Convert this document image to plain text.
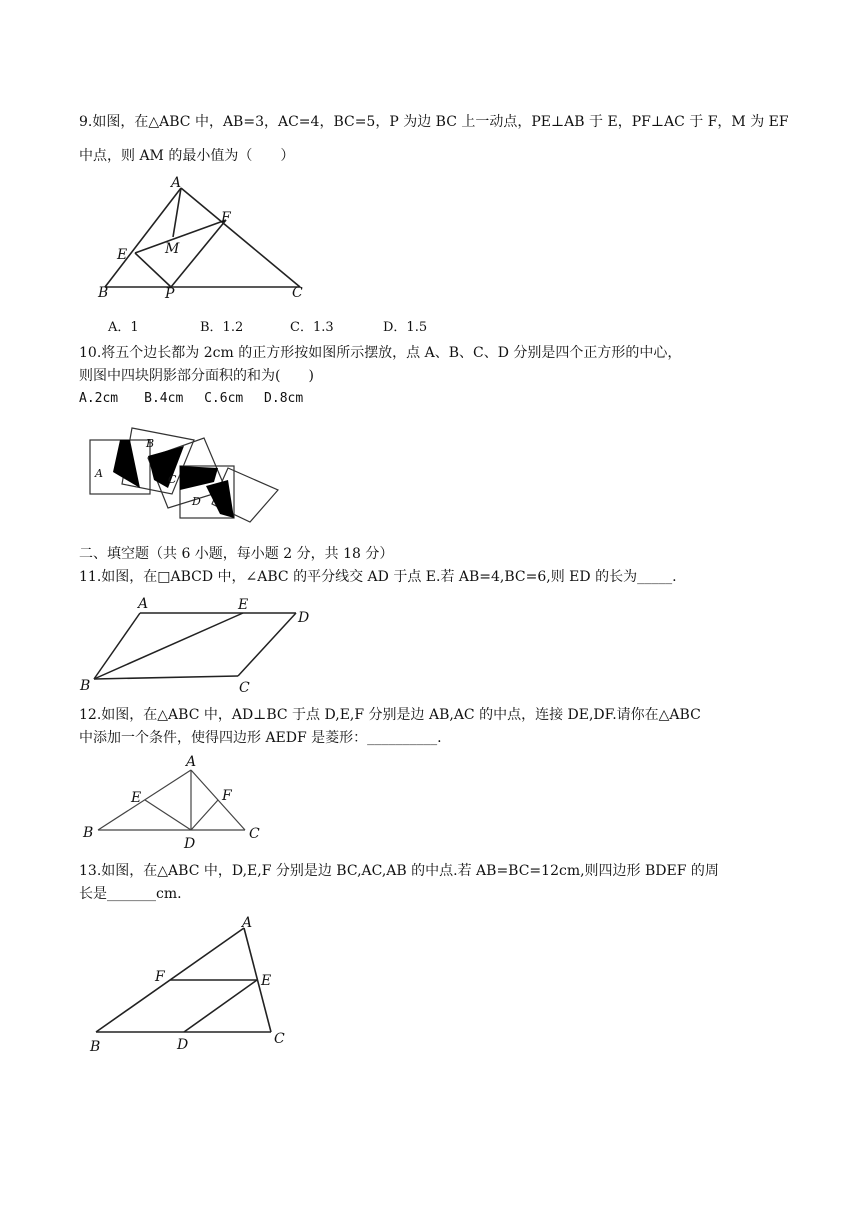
9.如图，在△ABC 中，AB=3，AC=4，BC=5，P 为边 BC 上一动点，PE⊥AB 于 E，PF⊥AC 于 F，M 为 EF
中点，则 AM 的最小值为（　　）
A
B	C
E
F
M
P
A．1	B．1.2	C．1.3	D．1.5
10.将五个边长都为 2cm 的正方形按如图所示摆放，点 A、B、C、D 分别是四个正方形的中心，
则图中四块阴影部分面积的和为(　　)
A.2cm　　B.4cm　 C.6cm　 D.8cm
A
B
C
D
二、填空题（共 6 小题，每小题 2 分，共 18 分）
11.如图，在□ABCD 中，∠ABC 的平分线交 AD 于点 E.若 AB=4,BC=6,则 ED 的长为_____.
A	E
D
B	C
12.如图，在△ABC 中，AD⊥BC 于点 D,E,F 分别是边 AB,AC 的中点，连接 DE,DF.请你在△ABC
中添加一个条件，使得四边形 AEDF 是菱形：__________.
A
B	C
D
E	F
13.如图，在△ABC 中，D,E,F 分别是边 BC,AC,AB 的中点.若 AB=BC=12cm,则四边形 BDEF 的周
长是_______cm.
A
B	C
D
E
F
